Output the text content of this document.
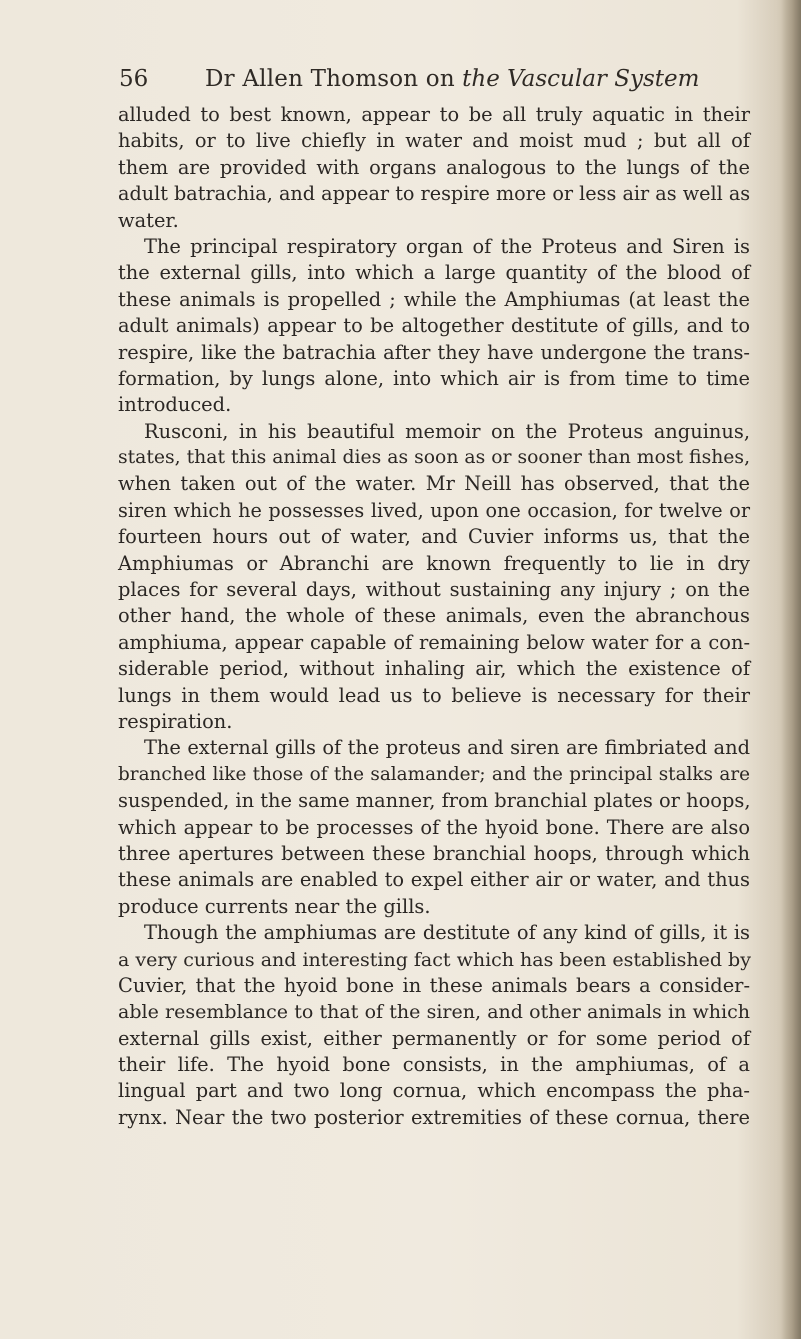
56 Dr Allen Thomson on the Vascular System
alluded to best known, appear to be all truly aquatic in their
habits, or to live chiefly in water and moist mud ; but all of
them are provided with organs analogous to the lungs of the
adult batrachia, and appear to respire more or less air as well as
water.
The principal respiratory organ of the Proteus and Siren is
the external gills, into which a large quantity of the blood of
these animals is propelled ; while the Amphiumas (at least the
adult animals) appear to be altogether destitute of gills, and to
respire, like the batrachia after they have undergone the trans-
formation, by lungs alone, into which air is from time to time
introduced.
Rusconi, in his beautiful memoir on the Proteus anguinus,
states, that this animal dies as soon as or sooner than most fishes,
when taken out of the water. Mr Neill has observed, that the
siren which he possesses lived, upon one occasion, for twelve or
fourteen hours out of water, and Cuvier informs us, that the
Amphiumas or Abranchi are known frequently to lie in dry
places for several days, without sustaining any injury ; on the
other hand, the whole of these animals, even the abranchous
amphiuma, appear capable of remaining below water for a con-
siderable period, without inhaling air, which the existence of
lungs in them would lead us to believe is necessary for their
respiration.
The external gills of the proteus and siren are fimbriated and
branched like those of the salamander; and the principal stalks are
suspended, in the same manner, from branchial plates or hoops,
which appear to be processes of the hyoid bone. There are also
three apertures between these branchial hoops, through which
these animals are enabled to expel either air or water, and thus
produce currents near the gills.
Though the amphiumas are destitute of any kind of gills, it is
a very curious and interesting fact which has been established by
Cuvier, that the hyoid bone in these animals bears a consider-
able resemblance to that of the siren, and other animals in which
external gills exist, either permanently or for some period of
their life. The hyoid bone consists, in the amphiumas, of a
lingual part and two long cornua, which encompass the pha-
rynx. Near the two posterior extremities of these cornua, there
